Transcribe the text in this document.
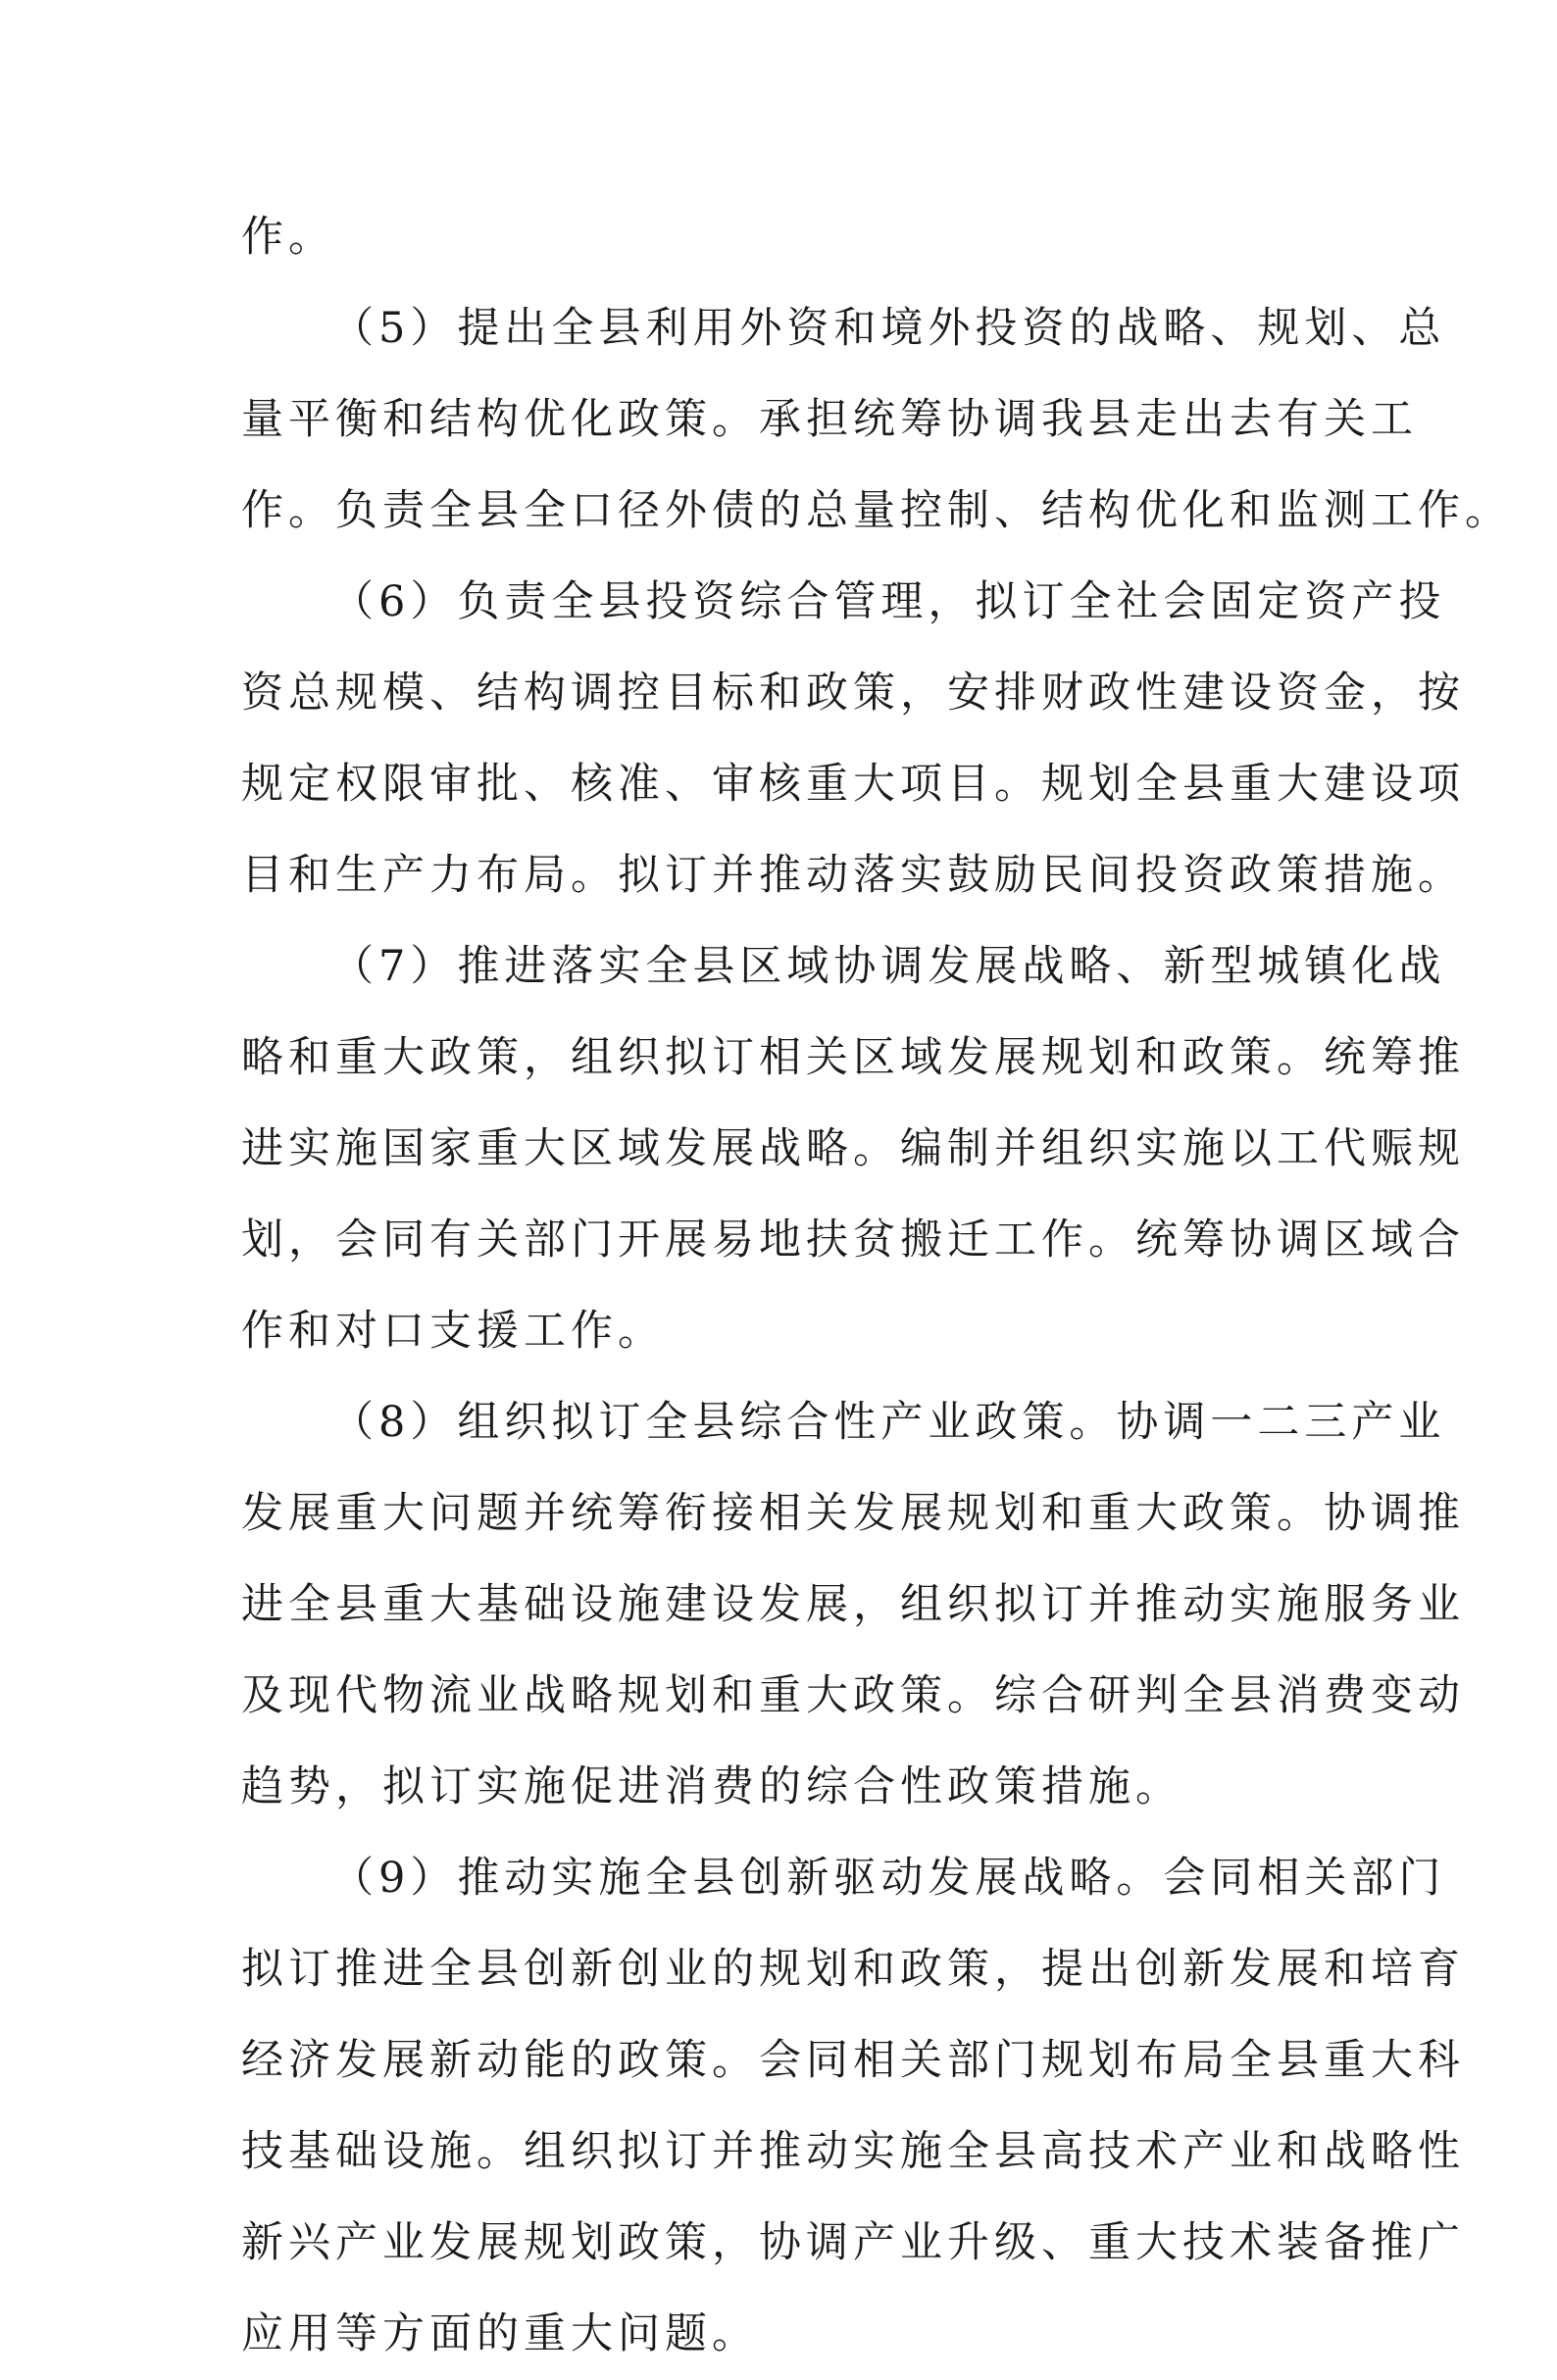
作。
（5）提出全县利用外资和境外投资的战略、规划、总
量平衡和结构优化政策。承担统筹协调我县走出去有关工
作。负责全县全口径外债的总量控制、结构优化和监测工作。
（6）负责全县投资综合管理，拟订全社会固定资产投
资总规模、结构调控目标和政策，安排财政性建设资金，按
规定权限审批、核准、审核重大项目。规划全县重大建设项
目和生产力布局。拟订并推动落实鼓励民间投资政策措施。
（7）推进落实全县区域协调发展战略、新型城镇化战
略和重大政策，组织拟订相关区域发展规划和政策。统筹推
进实施国家重大区域发展战略。编制并组织实施以工代赈规
划，会同有关部门开展易地扶贫搬迁工作。统筹协调区域合
作和对口支援工作。
（8）组织拟订全县综合性产业政策。协调一二三产业
发展重大问题并统筹衔接相关发展规划和重大政策。协调推
进全县重大基础设施建设发展，组织拟订并推动实施服务业
及现代物流业战略规划和重大政策。综合研判全县消费变动
趋势，拟订实施促进消费的综合性政策措施。
（9）推动实施全县创新驱动发展战略。会同相关部门
拟订推进全县创新创业的规划和政策，提出创新发展和培育
经济发展新动能的政策。会同相关部门规划布局全县重大科
技基础设施。组织拟订并推动实施全县高技术产业和战略性
新兴产业发展规划政策，协调产业升级、重大技术装备推广
应用等方面的重大问题。
